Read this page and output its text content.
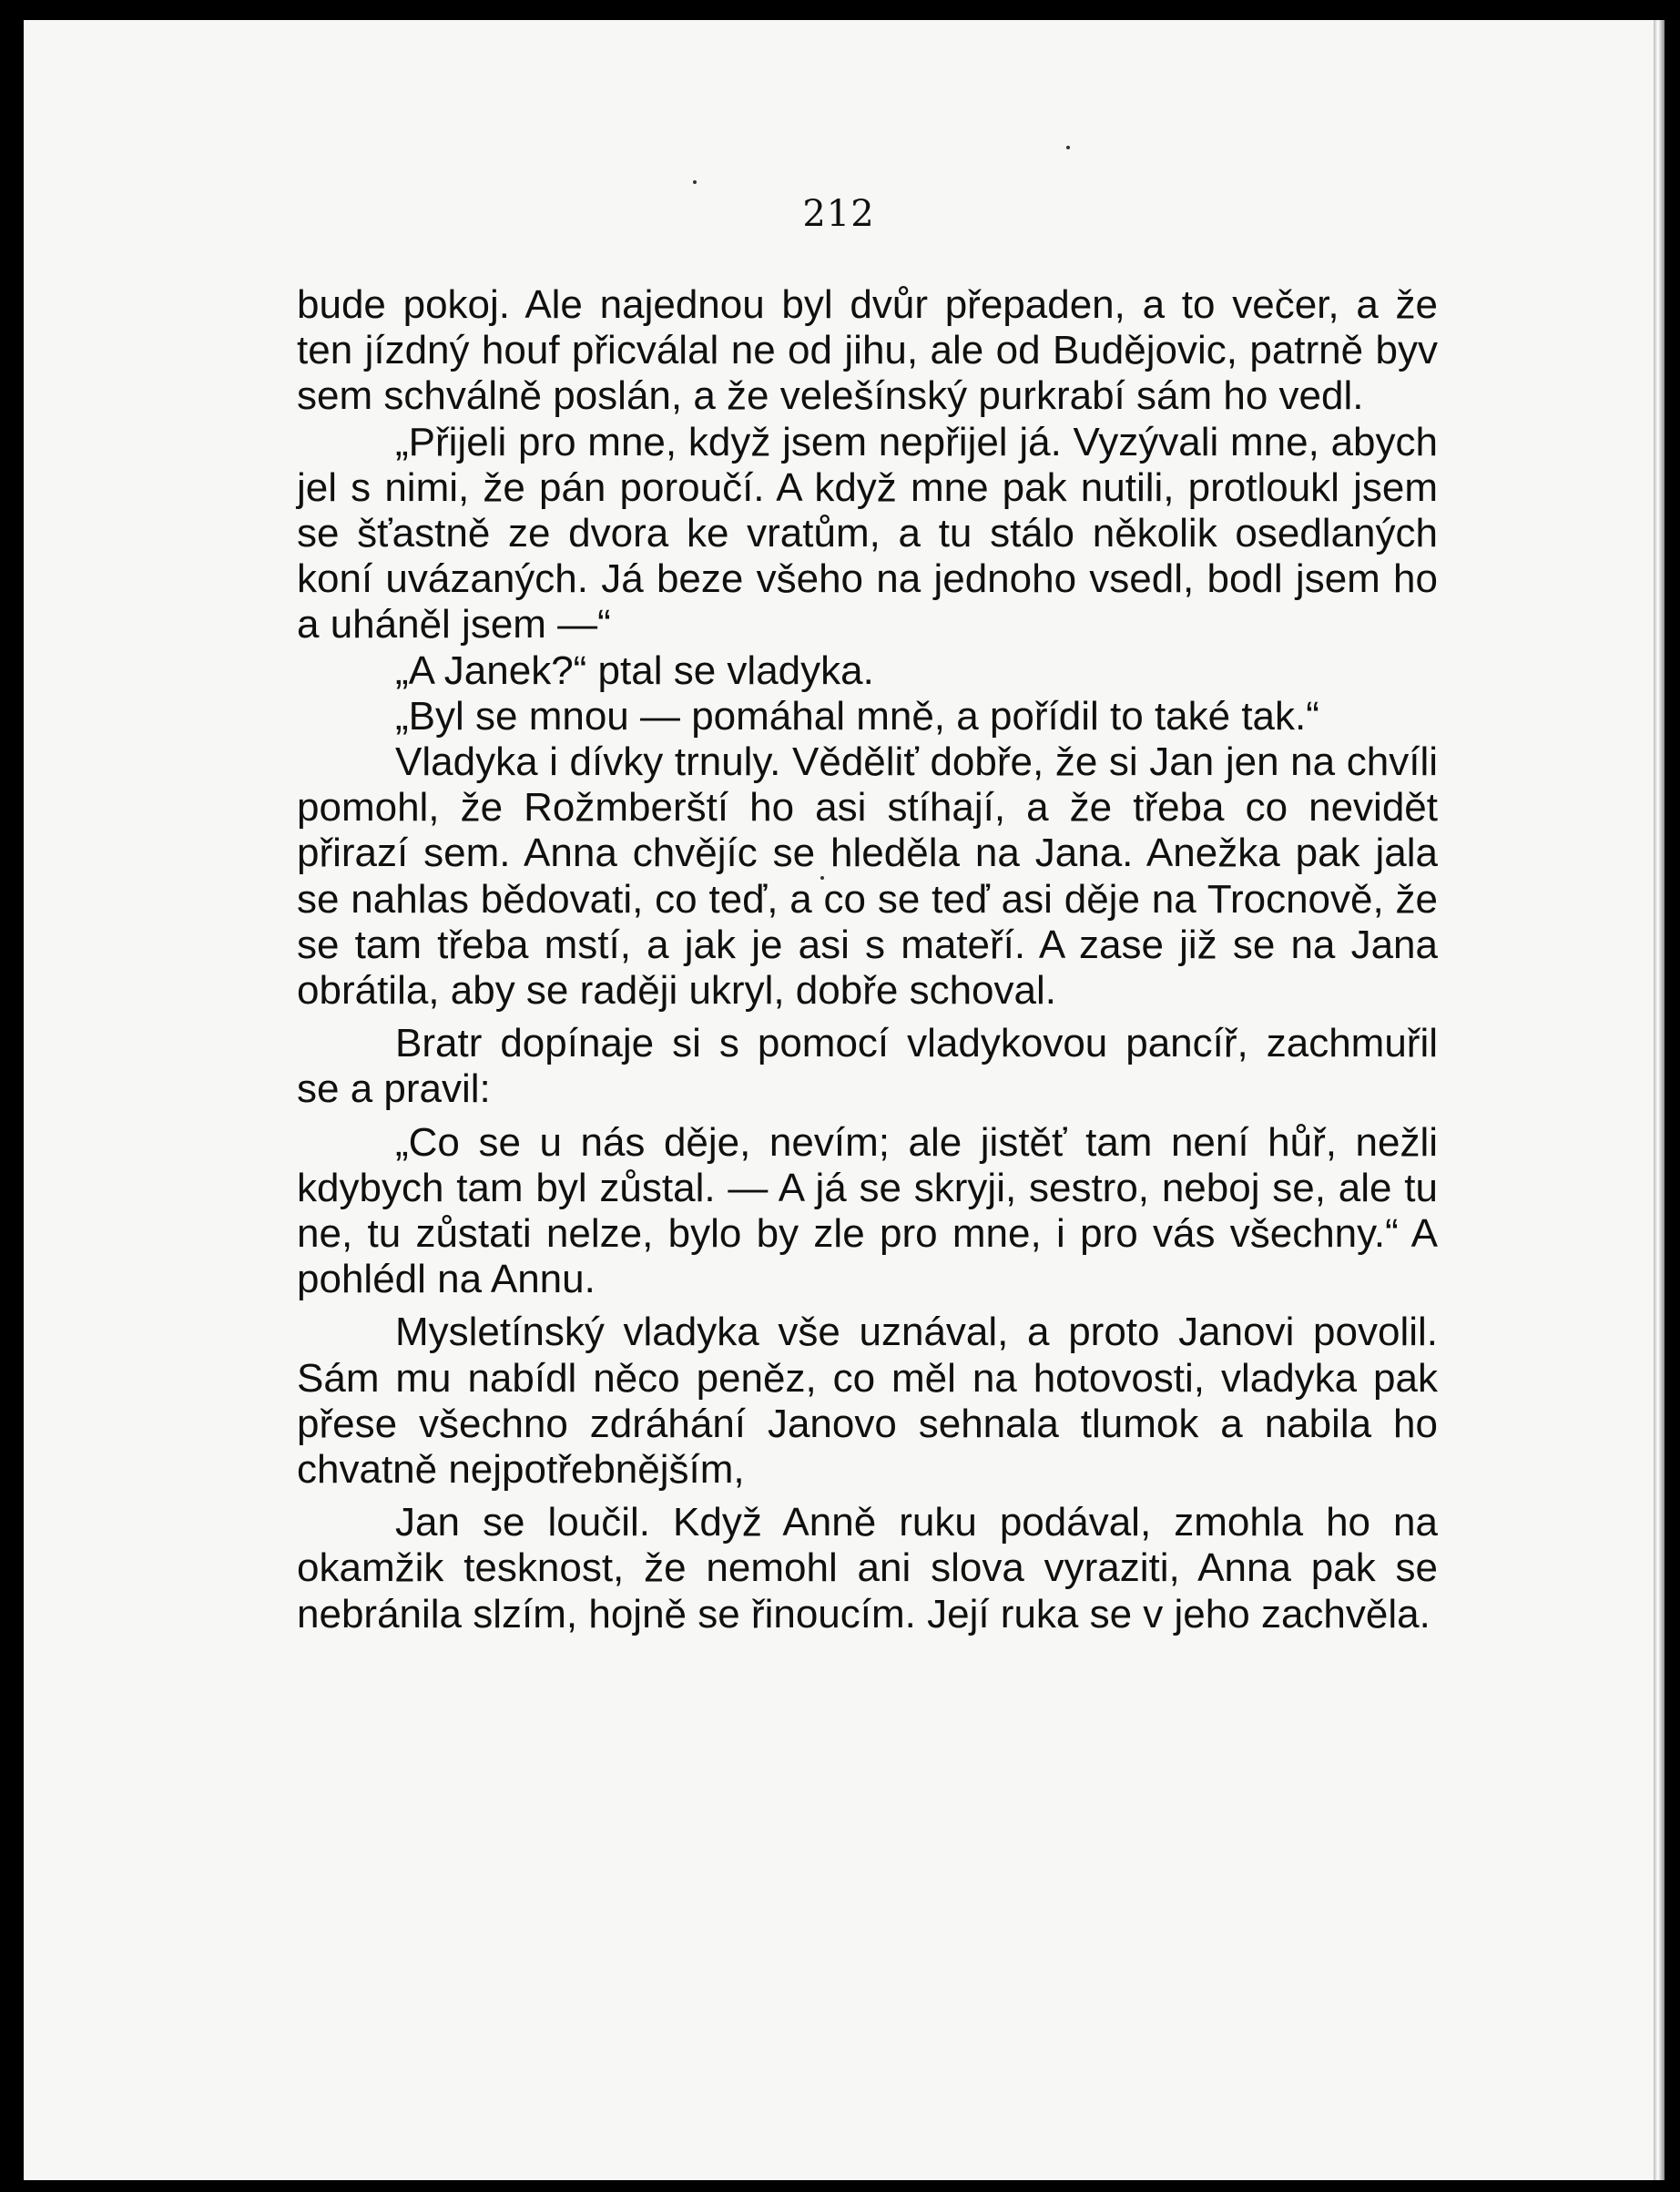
212

bude pokoj. Ale najednou byl dvůr přepaden, a to večer, a že ten jízdný houf přicválal ne od jihu, ale od Budějovic, patrně byv sem schválně poslán, a že velešínský purkrabí sám ho vedl.

„Přijeli pro mne, když jsem nepřijel já. Vyzývali mne, abych jel s nimi, že pán poroučí. A když mne pak nutili, protloukl jsem se šťastně ze dvora ke vratům, a tu stálo několik osedlaných koní uvázaných. Já beze všeho na jednoho vsedl, bodl jsem ho a uháněl jsem —“

„A Janek?“ ptal se vladyka.

„Byl se mnou — pomáhal mně, a pořídil to také tak.“

Vladyka i dívky trnuly. Věděliť dobře, že si Jan jen na chvíli pomohl, že Rožmberští ho asi stíhají, a že třeba co nevidět přirazí sem. Anna chvějíc se hleděla na Jana. Anežka pak jala se nahlas bědovati, co teď, a co se teď asi děje na Trocnově, že se tam třeba mstí, a jak je asi s mateří. A zase již se na Jana obrátila, aby se raději ukryl, dobře schoval.

Bratr dopínaje si s pomocí vladykovou pancíř, zachmuřil se a pravil:

„Co se u nás děje, nevím; ale jistěť tam není hůř, nežli kdybych tam byl zůstal. — A já se skryji, sestro, neboj se, ale tu ne, tu zůstati nelze, bylo by zle pro mne, i pro vás všechny.“ A pohlédl na Annu.

Mysletínský vladyka vše uznával, a proto Janovi povolil. Sám mu nabídl něco peněz, co měl na hotovosti, vladyka pak přese všechno zdráhání Janovo sehnala tlumok a nabila ho chvatně nejpotřebnějším,

Jan se loučil. Když Anně ruku podával, zmohla ho na okamžik tesknost, že nemohl ani slova vyraziti, Anna pak se nebránila slzím, hojně se řinoucím. Její ruka se v jeho zachvěla.
